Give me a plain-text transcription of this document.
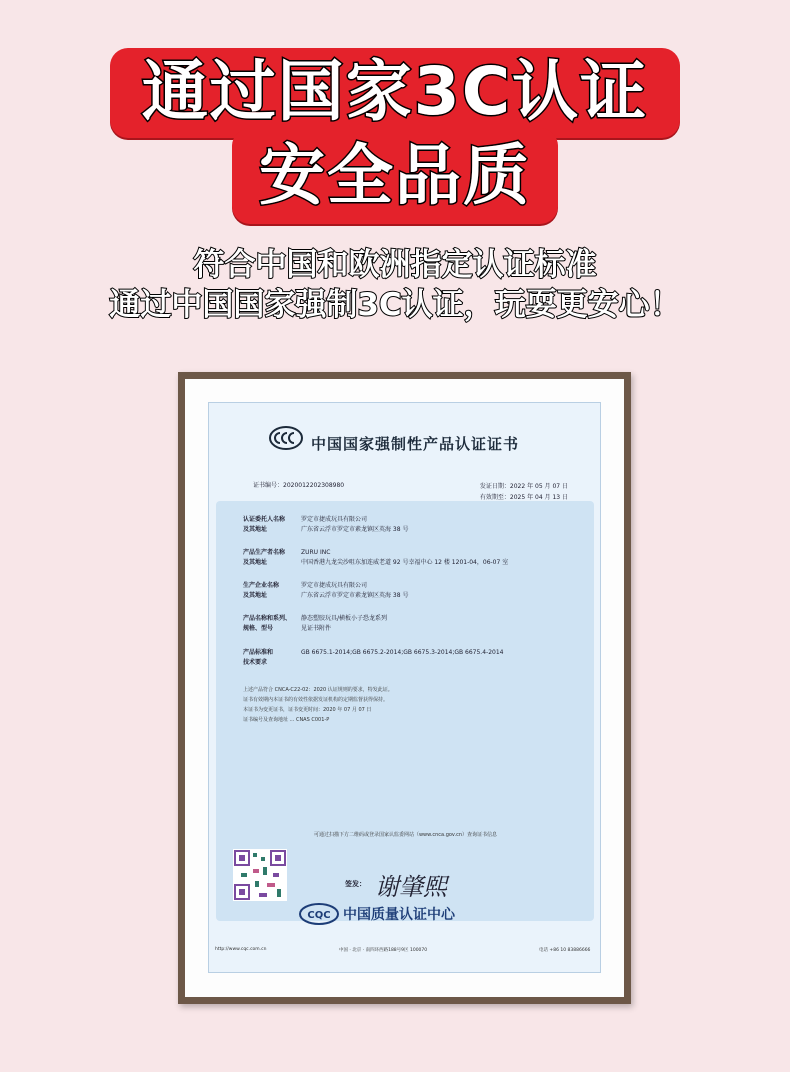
通过国家3C认证
安全品质
符合中国和欧洲指定认证标准
通过中国国家强制3C认证，玩耍更安心！
中国国家强制性产品认证证书
证书编号：2020012202308980	发证日期：2022 年 05 月 07 日
有效期至：2025 年 04 月 13 日
认证委托人名称	罗定市捷成玩具有限公司
及其地址	广东省云浮市罗定市素龙镇区英海 38 号
产品生产者名称	ZURU INC
及其地址	中国香港九龙尖沙咀东加连威老道 92 号幸福中心 12 楼 1201-04，06-07 室
生产企业名称	罗定市捷成玩具有限公司
及其地址	广东省云浮市罗定市素龙镇区英海 38 号
产品名称和系列、 静态塑胶玩具/横板小子恐龙系列
规格、型号	见证书附件
产品标准和	GB 6675.1-2014;GB 6675.2-2014;GB 6675.3-2014;GB 6675.4-2014
技术要求
上述产品符合 CNCA-C22-02：2020 认证规则的要求，特发此证。
证书有效期内本证书的有效性依据发证机构的定期监督获得保持。
本证书为变更证书，证书变更时间：2020 年 07 月 07 日
证书编号及查询地址 ... CNAS C001-P
可通过扫描下方二维码或登录国家认监委网站（www.cnca.gov.cn）查询证书信息
签发： 谢肇熙
CQC 中国质量认证中心
http://www.cqc.com.cn	中国 · 北京 · 南四环西路188号9区 100070	电话 +86 10 83886666
